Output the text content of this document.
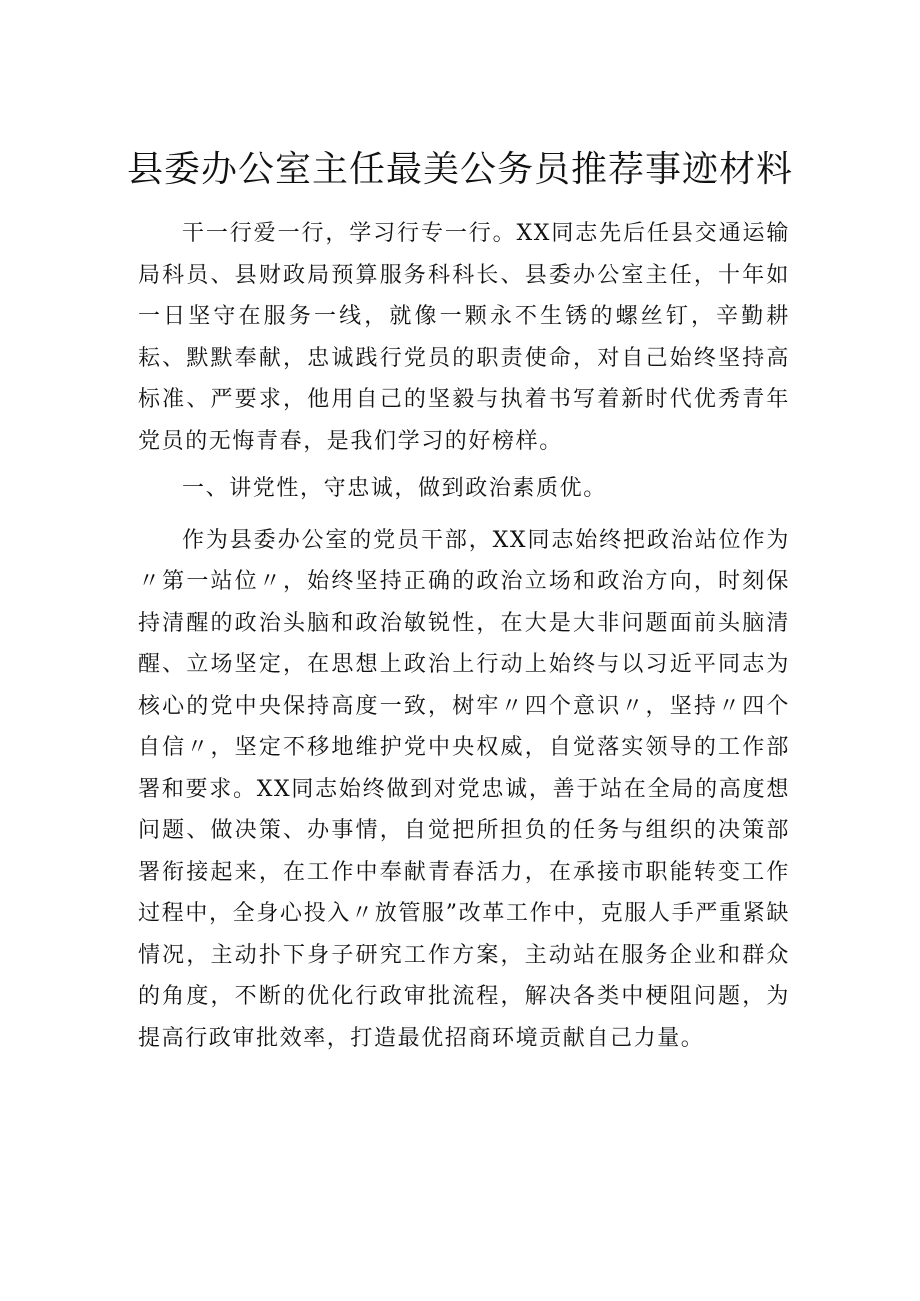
县委办公室主任最美公务员推荐事迹材料

干一行爱一行，学习行专一行。XX同志先后任县交通运输局科员、县财政局预算服务科科长、县委办公室主任，十年如一日坚守在服务一线，就像一颗永不生锈的螺丝钉，辛勤耕耘、默默奉献，忠诚践行党员的职责使命，对自己始终坚持高标准、严要求，他用自己的坚毅与执着书写着新时代优秀青年党员的无悔青春，是我们学习的好榜样。

一、讲党性，守忠诚，做到政治素质优。

作为县委办公室的党员干部，XX同志始终把政治站位作为〃第一站位〃，始终坚持正确的政治立场和政治方向，时刻保持清醒的政治头脑和政治敏锐性，在大是大非问题面前头脑清醒、立场坚定，在思想上政治上行动上始终与以习近平同志为核心的党中央保持高度一致，树牢〃四个意识〃，坚持〃四个自信〃，坚定不移地维护党中央权威，自觉落实领导的工作部署和要求。XX同志始终做到对党忠诚，善于站在全局的高度想问题、做决策、办事情，自觉把所担负的任务与组织的决策部署衔接起来，在工作中奉献青春活力，在承接市职能转变工作过程中，全身心投入〃放管服”改革工作中，克服人手严重紧缺情况，主动扑下身子研究工作方案，主动站在服务企业和群众的角度，不断的优化行政审批流程，解决各类中梗阻问题，为提高行政审批效率，打造最优招商环境贡献自己力量。
